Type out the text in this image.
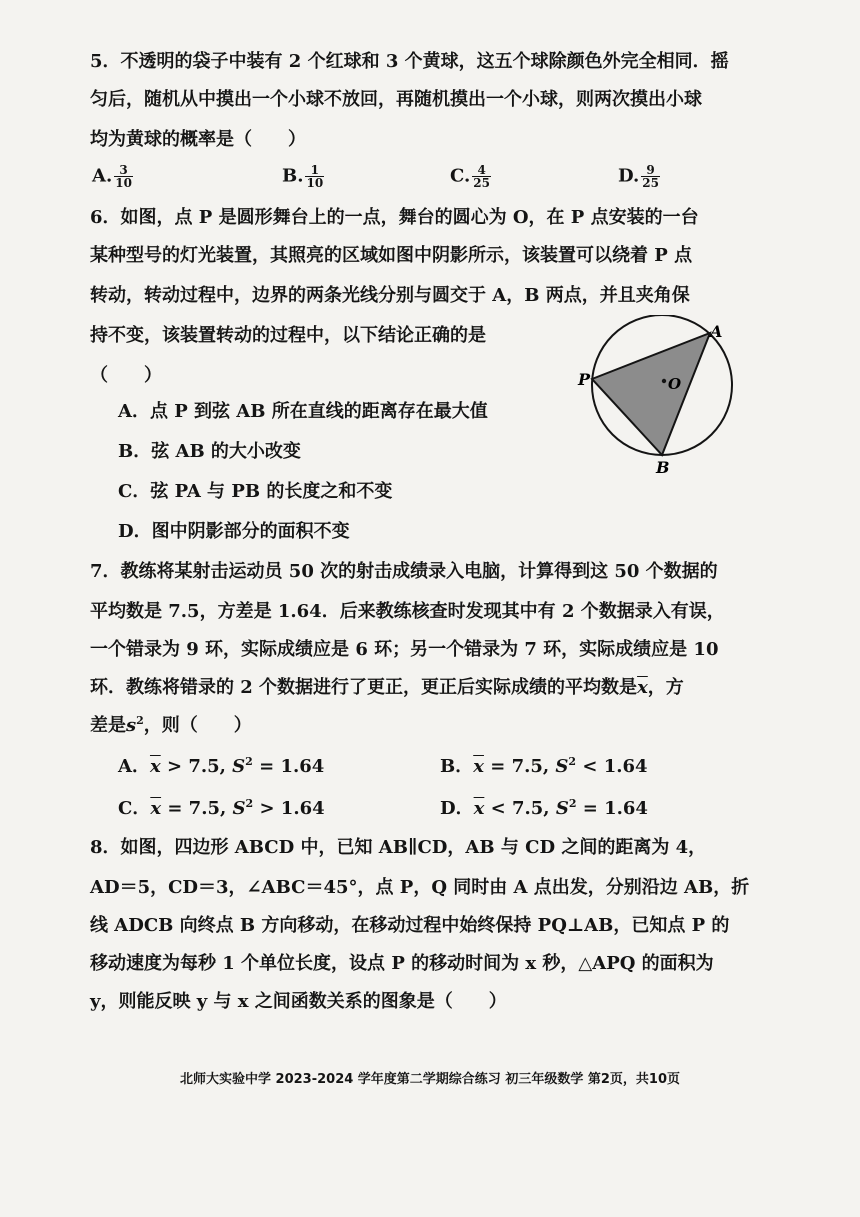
5．不透明的袋子中装有 2 个红球和 3 个黄球，这五个球除颜色外完全相同．摇
匀后，随机从中摸出一个小球不放回，再随机摸出一个小球，则两次摸出小球
均为黄球的概率是（　　）
A. $\frac{3}{10}$	B. $\frac{1}{10}$	C. $\frac{4}{25}$	D. $\frac{9}{25}$
6．如图，点 P 是圆形舞台上的一点，舞台的圆心为 O，在 P 点安装的一台
某种型号的灯光装置，其照亮的区域如图中阴影所示，该装置可以绕着 P 点
转动，转动过程中，边界的两条光线分别与圆交于 A，B 两点，并且夹角保
持不变，该装置转动的过程中，以下结论正确的是
（　　）
A．点 P 到弦 AB 所在直线的距离存在最大值
B．弦 AB 的大小改变
C．弦 PA 与 PB 的长度之和不变
D．图中阴影部分的面积不变
P
A
B
O
7．教练将某射击运动员 50 次的射击成绩录入电脑，计算得到这 50 个数据的
平均数是 7.5，方差是 1.64．后来教练核查时发现其中有 2 个数据录入有误，
一个错录为 9 环，实际成绩应是 6 环；另一个错录为 7 环，实际成绩应是 10
环．教练将错录的 2 个数据进行了更正，更正后实际成绩的平均数是$\overline{x}$，方
差是$s^2$，则（　　）
A．$\overline{x} > 7.5$, $S^2 = 1.64$	B．$\overline{x} = 7.5$, $S^2 < 1.64$
C．$\overline{x} = 7.5$, $S^2 > 1.64$	D．$\overline{x} < 7.5$, $S^2 = 1.64$
8．如图，四边形 ABCD 中，已知 AB∥CD，AB 与 CD 之间的距离为 4，
AD＝5，CD＝3，∠ABC＝45°，点 P，Q 同时由 A 点出发，分别沿边 AB，折
线 ADCB 向终点 B 方向移动，在移动过程中始终保持 PQ⊥AB，已知点 P 的
移动速度为每秒 1 个单位长度，设点 P 的移动时间为 x 秒，△APQ 的面积为
y，则能反映 y 与 x 之间函数关系的图象是（　　）
北师大实验中学 2023-2024 学年度第二学期综合练习 初三年级数学 第2页，共10页
